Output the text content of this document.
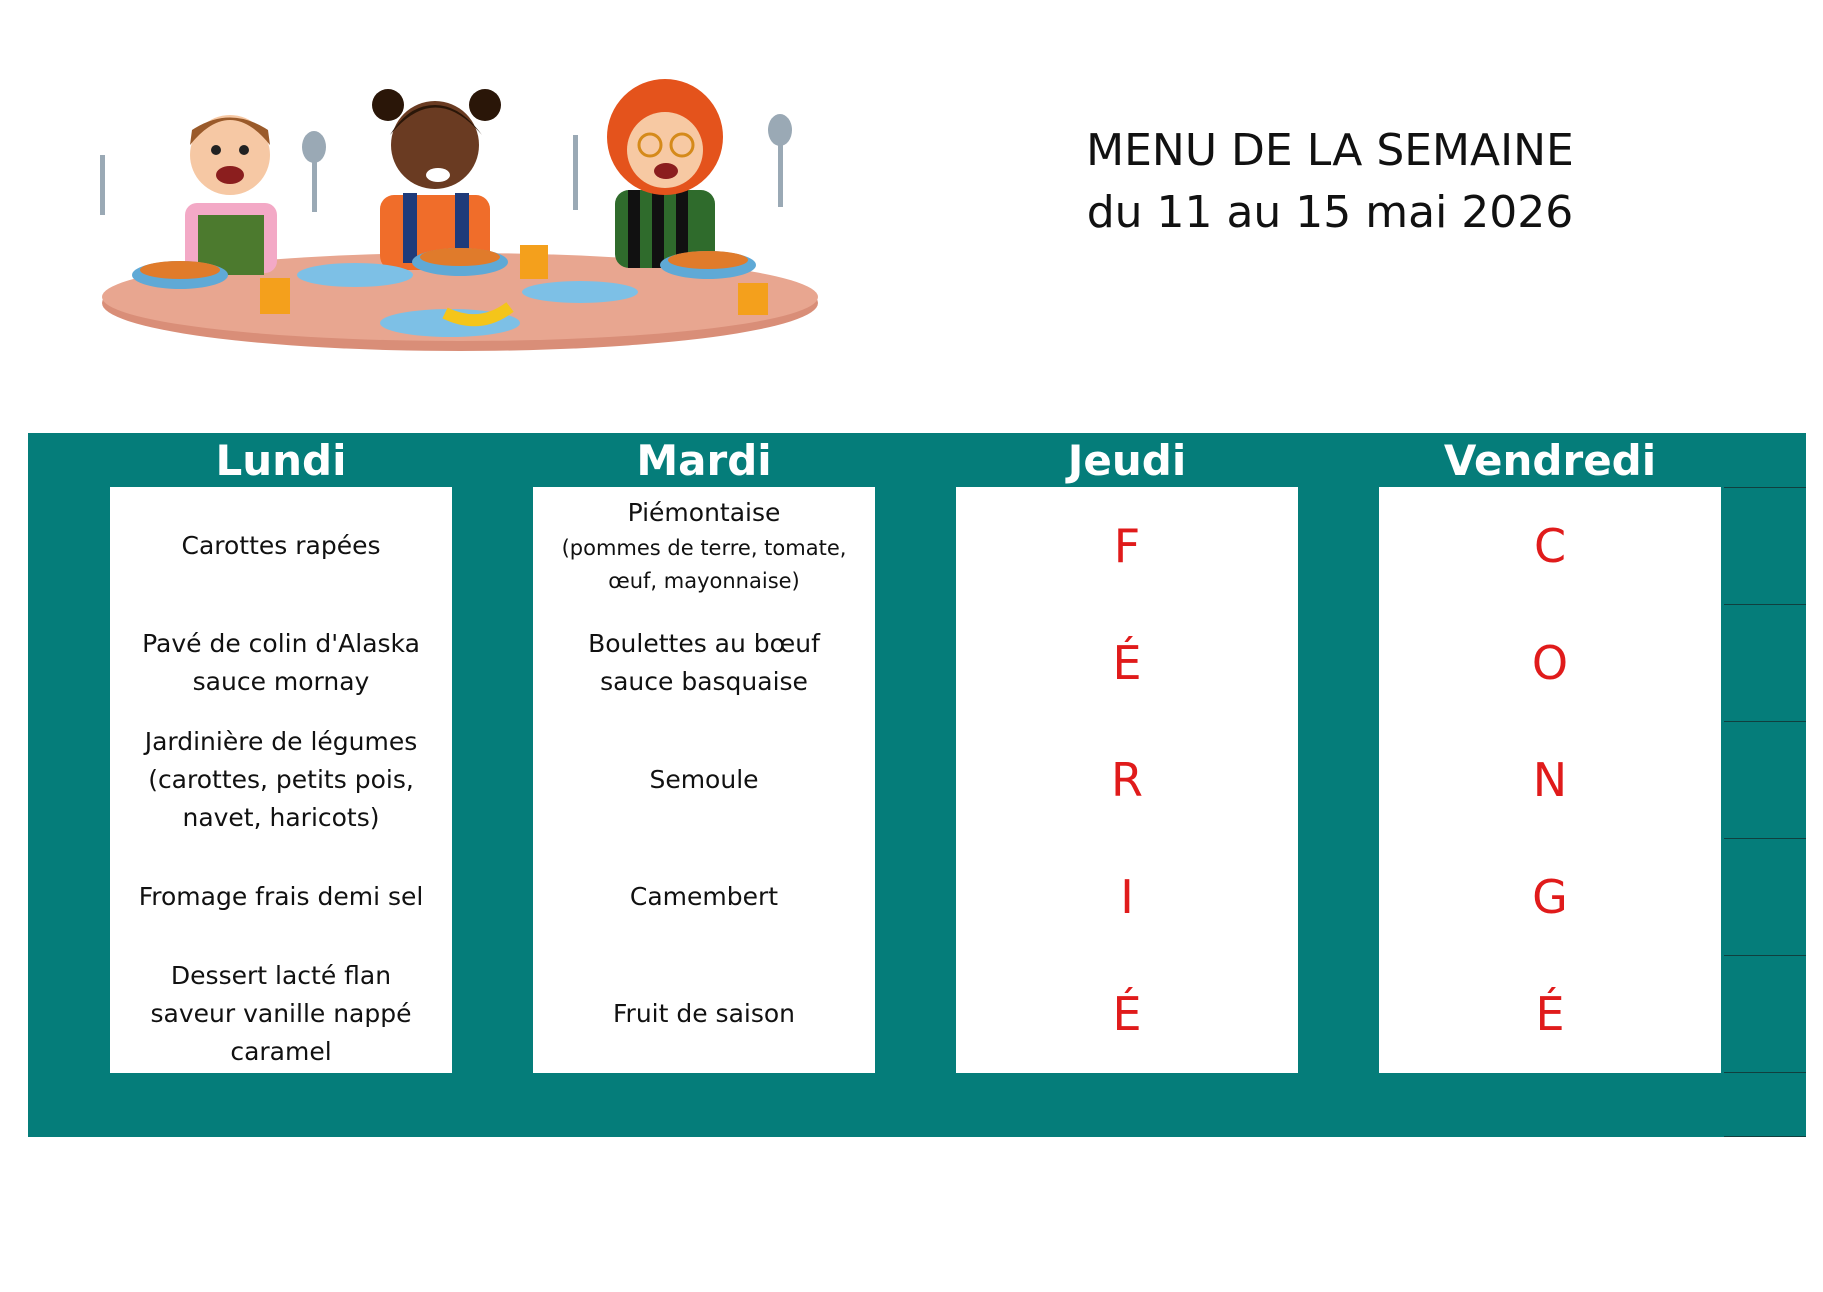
MENU DE LA SEMAINE
du 11 au 15 mai 2026
Lundi
Carottes rapées
Pavé de colin d'Alaska
sauce mornay
Jardinière de légumes
(carottes, petits pois,
navet, haricots)
Fromage frais demi sel
Dessert lacté flan
saveur vanille nappé
caramel
Mardi
Piémontaise
(pommes de terre, tomate,
œuf, mayonnaise)
Boulettes au bœuf
sauce basquaise
Semoule
Camembert
Fruit de saison
Jeudi
F
É
R
I
É
Vendredi
C
O
N
G
É
